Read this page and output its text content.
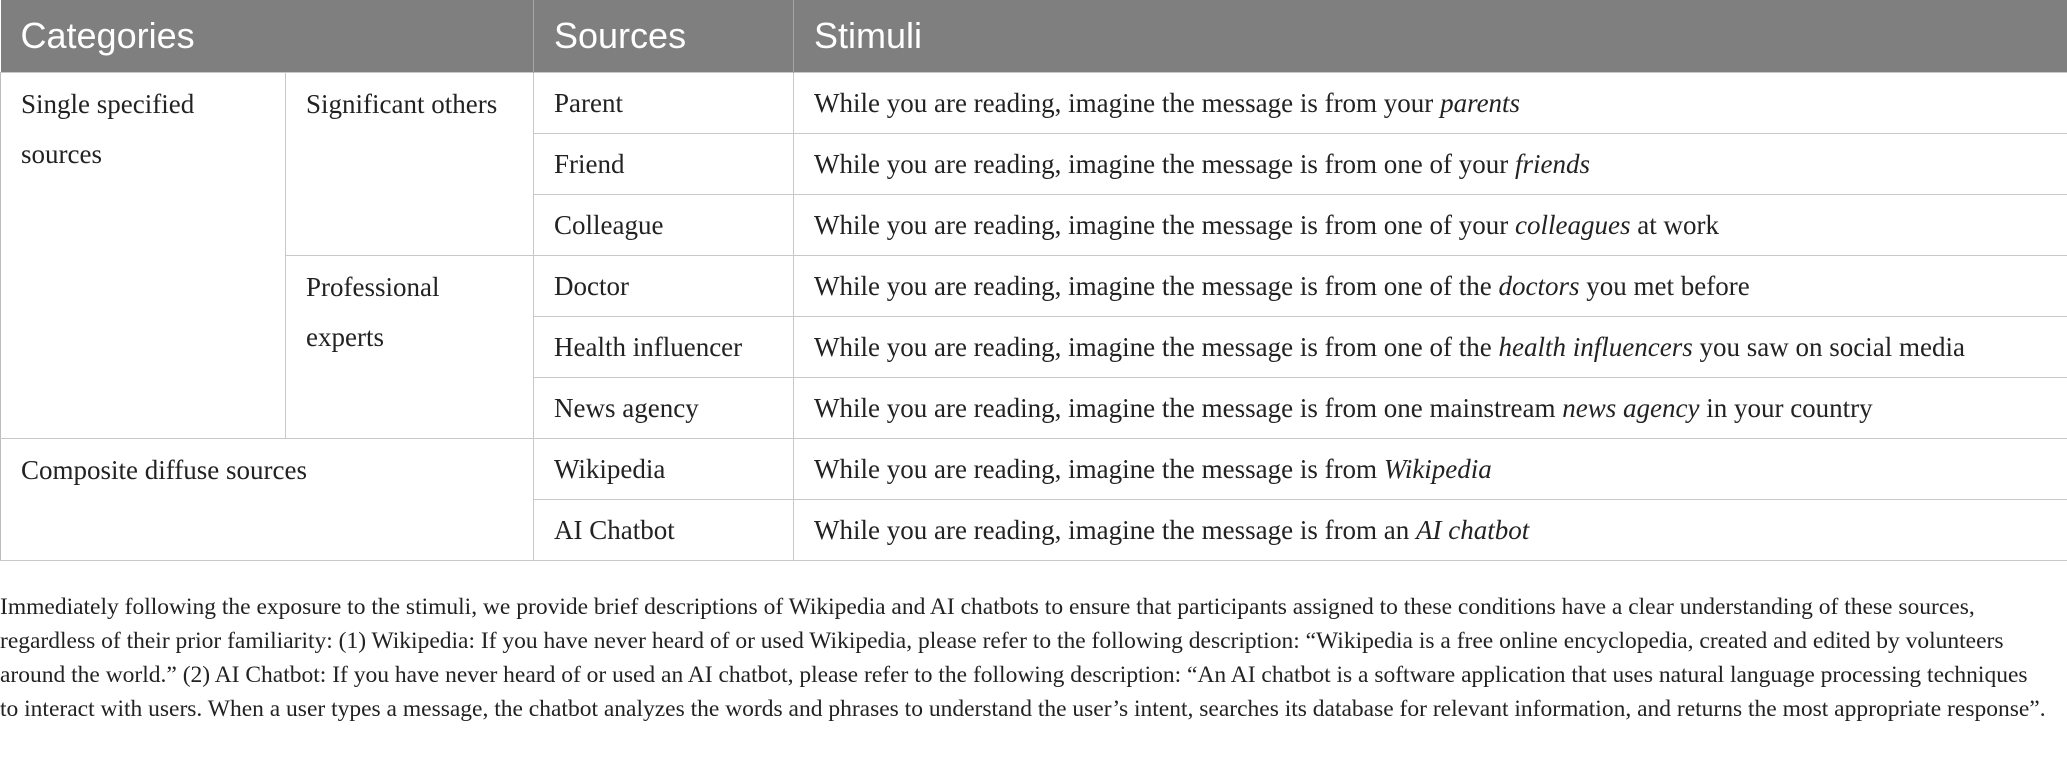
Categories		Sources	Stimuli
Single specified sources	Significant others	Parent	While you are reading, imagine the message is from your parents
		Friend	While you are reading, imagine the message is from one of your friends
		Colleague	While you are reading, imagine the message is from one of your colleagues at work
	Professional experts	Doctor	While you are reading, imagine the message is from one of the doctors you met before
		Health influencer	While you are reading, imagine the message is from one of the health influencers you saw on social media
		News agency	While you are reading, imagine the message is from one mainstream news agency in your country
Composite diffuse sources		Wikipedia	While you are reading, imagine the message is from Wikipedia
		AI Chatbot	While you are reading, imagine the message is from an AI chatbot

Immediately following the exposure to the stimuli, we provide brief descriptions of Wikipedia and AI chatbots to ensure that participants assigned to these conditions have a clear understanding of these sources, regardless of their prior familiarity: (1) Wikipedia: If you have never heard of or used Wikipedia, please refer to the following description: “Wikipedia is a free online encyclopedia, created and edited by volunteers around the world.” (2) AI Chatbot: If you have never heard of or used an AI chatbot, please refer to the following description: “An AI chatbot is a software application that uses natural language processing techniques to interact with users. When a user types a message, the chatbot analyzes the words and phrases to understand the user’s intent, searches its database for relevant information, and returns the most appropriate response”.
